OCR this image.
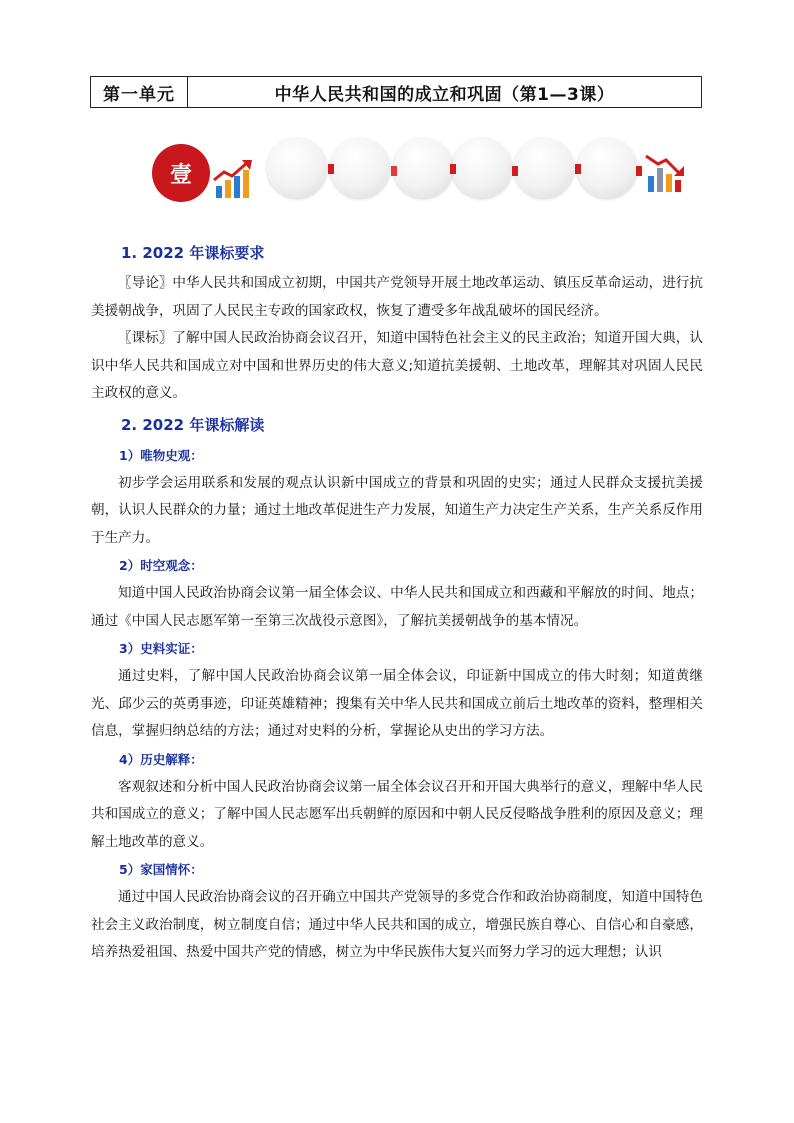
第一单元	中华人民共和国的成立和巩固（第1—3课）
壹
1. 2022 年课标要求

〖导论〗中华人民共和国成立初期，中国共产党领导开展土地改革运动、镇压反革命运动，进行抗美援朝战争，巩固了人民民主专政的国家政权，恢复了遭受多年战乱破坏的国民经济。

〖课标〗了解中国人民政治协商会议召开，知道中国特色社会主义的民主政治；知道开国大典，认识中华人民共和国成立对中国和世界历史的伟大意义;知道抗美援朝、土地改革，理解其对巩固人民民主政权的意义。

2. 2022 年课标解读
1）唯物史观：

初步学会运用联系和发展的观点认识新中国成立的背景和巩固的史实；通过人民群众支援抗美援朝，认识人民群众的力量；通过土地改革促进生产力发展，知道生产力决定生产关系，生产关系反作用于生产力。

2）时空观念：

知道中国人民政治协商会议第一届全体会议、中华人民共和国成立和西藏和平解放的时间、地点；通过《中国人民志愿军第一至第三次战役示意图》，了解抗美援朝战争的基本情况。

3）史料实证：

通过史料，了解中国人民政治协商会议第一届全体会议，印证新中国成立的伟大时刻；知道黄继光、邱少云的英勇事迹，印证英雄精神；搜集有关中华人民共和国成立前后土地改革的资料，整理相关信息，掌握归纳总结的方法；通过对史料的分析，掌握论从史出的学习方法。

4）历史解释：

客观叙述和分析中国人民政治协商会议第一届全体会议召开和开国大典举行的意义，理解中华人民共和国成立的意义；了解中国人民志愿军出兵朝鲜的原因和中朝人民反侵略战争胜利的原因及意义；理解土地改革的意义。

5）家国情怀：

通过中国人民政治协商会议的召开确立中国共产党领导的多党合作和政治协商制度，知道中国特色社会主义政治制度，树立制度自信；通过中华人民共和国的成立，增强民族自尊心、自信心和自豪感，培养热爱祖国、热爱中国共产党的情感，树立为中华民族伟大复兴而努力学习的远大理想；认识
